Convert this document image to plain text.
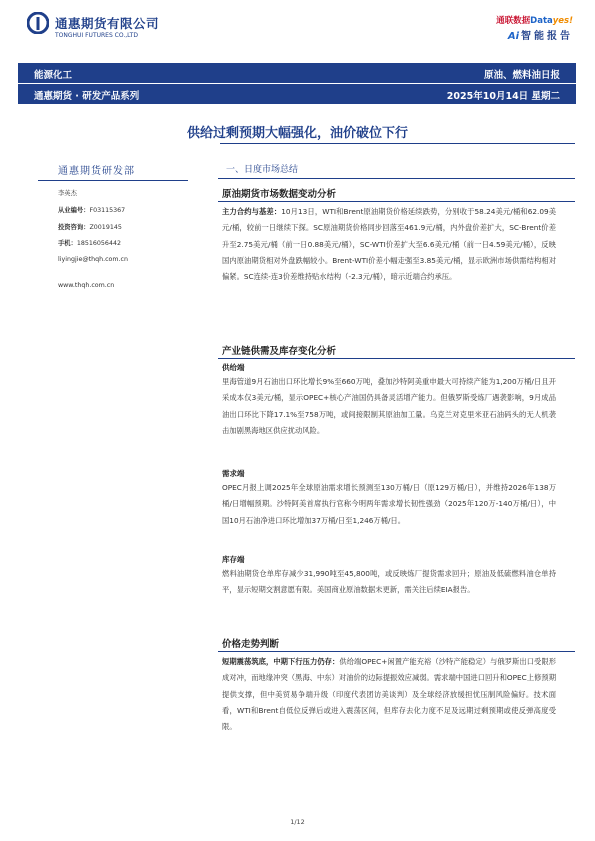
通惠期货有限公司
TONGHUI FUTURES CO.,LTD
通联数据Datayes!
Ai 智能报告
能源化工	原油、燃料油日报
通惠期货 · 研发产品系列	2025年10月14日 星期二
供给过剩预期大幅强化，油价破位下行
通惠期货研发部
李英杰
从业编号：F03115367
投资咨询：Z0019145
手机：18516056442
liyingjie@thqh.com.cn
www.thqh.com.cn
一、日度市场总结
原油期货市场数据变动分析
主力合约与基差：10月13日，WTI和Brent原油期货价格延续跌势，分别收于58.24美元/桶和62.09美元/桶，较前一日继续下探。SC原油期货价格同步回落至461.9元/桶，内外盘价差扩大，SC-Brent价差升至2.75美元/桶（前一日0.88美元/桶），SC-WTI价差扩大至6.6美元/桶（前一日4.59美元/桶），反映国内原油期货相对外盘跌幅较小。Brent-WTI价差小幅走强至3.85美元/桶，显示欧洲市场供需结构相对偏紧。SC连续-连3价差维持贴水结构（-2.3元/桶），暗示近端合约承压。
产业链供需及库存变化分析
供给端
里海管道9月石油出口环比增长9%至660万吨，叠加沙特阿美重申最大可持续产能为1,200万桶/日且开采成本仅3美元/桶，显示OPEC+核心产油国仍具备灵活增产能力。但俄罗斯受炼厂遇袭影响，9月成品油出口环比下降17.1%至758万吨，或间接限制其原油加工量。乌克兰对克里米亚石油码头的无人机袭击加剧黑海地区供应扰动风险。
需求端
OPEC月报上调2025年全球原油需求增长预测至130万桶/日（原129万桶/日），并维持2026年138万桶/日增幅预期。沙特阿美首席执行官称今明两年需求增长韧性强劲（2025年120万-140万桶/日），中国10月石油净进口环比增加37万桶/日至1,246万桶/日。
库存端
燃料油期货仓单库存减少31,990吨至45,800吨，或反映炼厂提货需求回升；原油及低硫燃料油仓单持平，显示短期交割意愿有限。美国商业原油数据未更新，需关注后续EIA报告。
价格走势判断
短期震荡筑底，中期下行压力仍存：供给端OPEC+闲置产能充裕（沙特产能稳定）与俄罗斯出口受限形成对冲，而地缘冲突（黑海、中东）对油价的边际提振效应减弱。需求端中国进口回升和OPEC上修预期提供支撑，但中美贸易争端升级（印度代表团访美谈判）及全球经济放缓担忧压制风险偏好。技术面看，WTI和Brent自低位反弹后或进入震荡区间，但库存去化力度不足及远期过剩预期或使反弹高度受限。
1/12
